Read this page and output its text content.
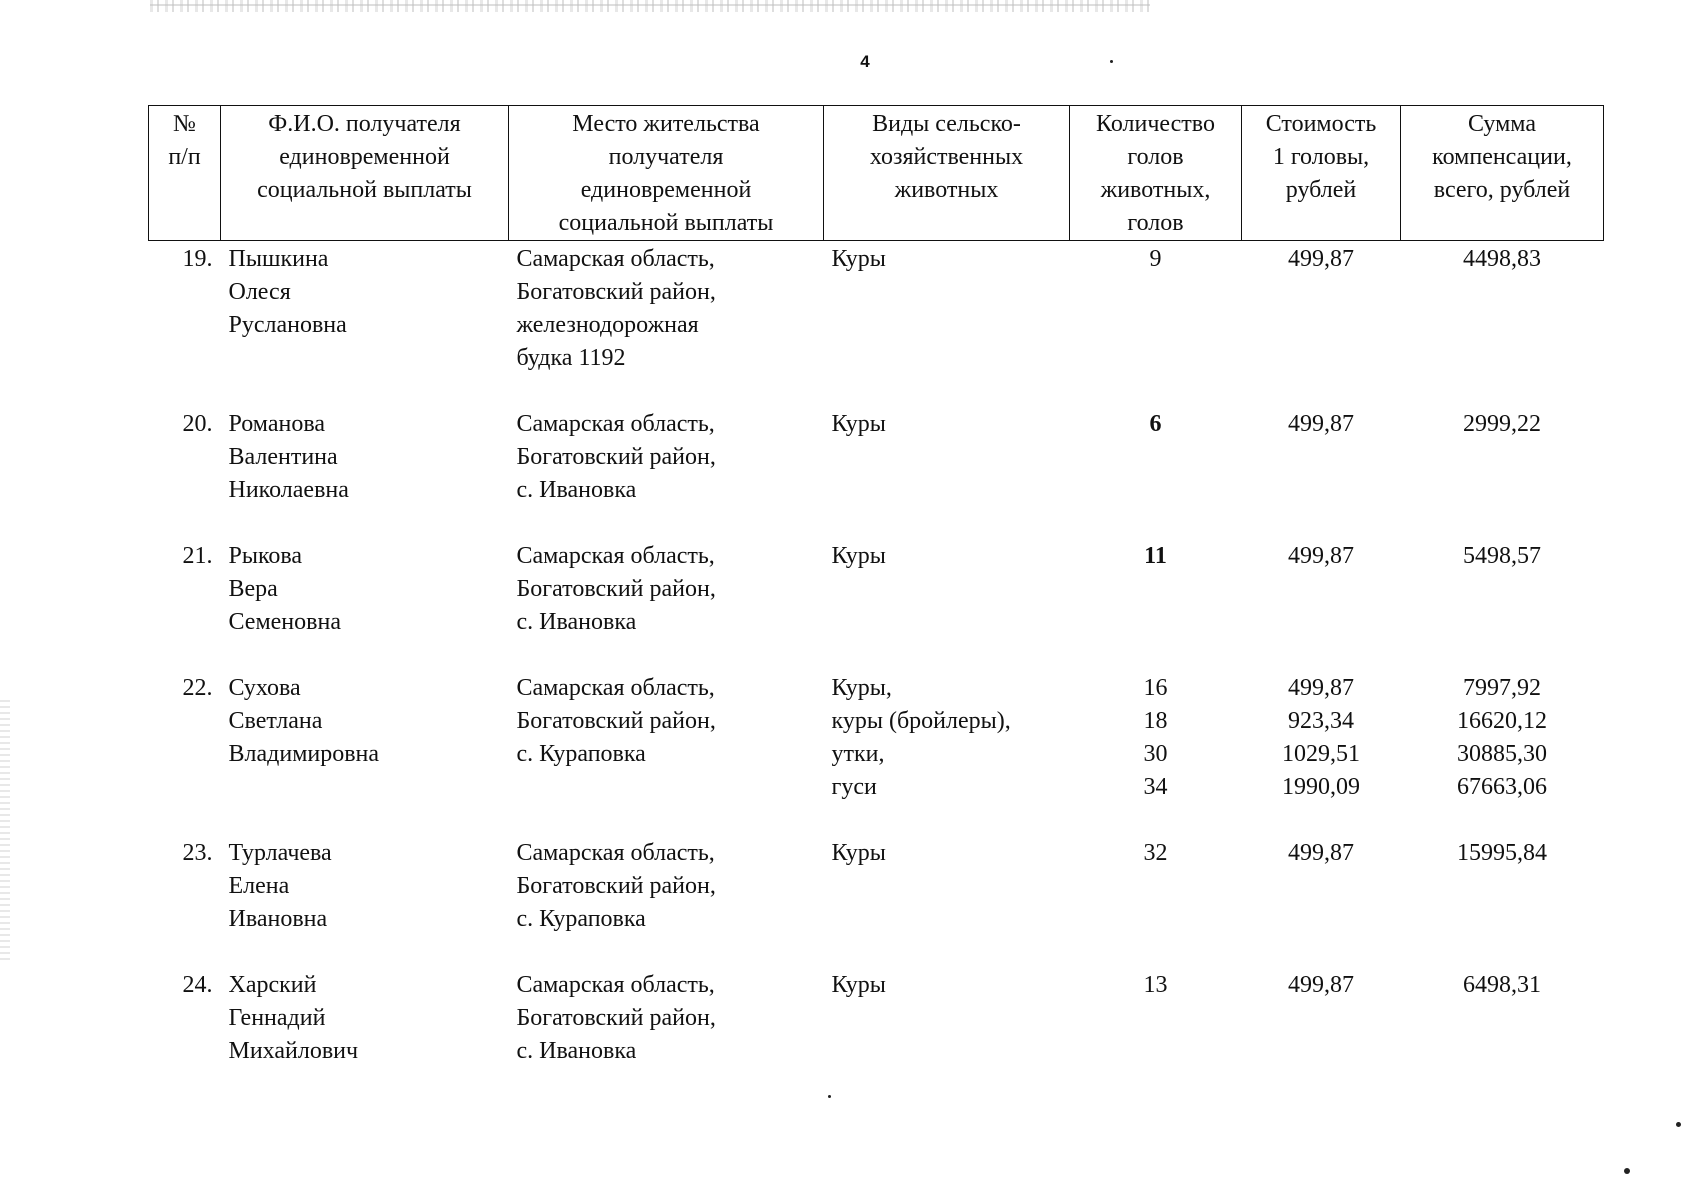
4
№
п/п	Ф.И.О. получателя
единовременной
социальной выплаты	Место жительства
получателя
единовременной
социальной выплаты	Виды сельско-
хозяйственных
животных	Количество
голов
животных,
голов	Стоимость
1 головы,
рублей	Сумма
компенсации,
всего, рублей

19.	Пышкина
Олеся
Руслановна	Самарская область,
Богатовский район,
железнодорожная
будка 1192	Куры	9	499,87	4498,83

20.	Романова
Валентина
Николаевна	Самарская область,
Богатовский район,
с. Ивановка	Куры	6	499,87	2999,22

21.	Рыкова
Вера
Семеновна	Самарская область,
Богатовский район,
с. Ивановка	Куры	11	499,87	5498,57

22.	Сухова
Светлана
Владимировна	Самарская область,
Богатовский район,
с. Кураповка	Куры,
куры (бройлеры),
утки,
гуси	16
18
30
34	499,87
923,34
1029,51
1990,09	7997,92
16620,12
30885,30
67663,06

23.	Турлачева
Елена
Ивановна	Самарская область,
Богатовский район,
с. Кураповка	Куры	32	499,87	15995,84

24.	Харский
Геннадий
Михайлович	Самарская область,
Богатовский район,
с. Ивановка	Куры	13	499,87	6498,31
